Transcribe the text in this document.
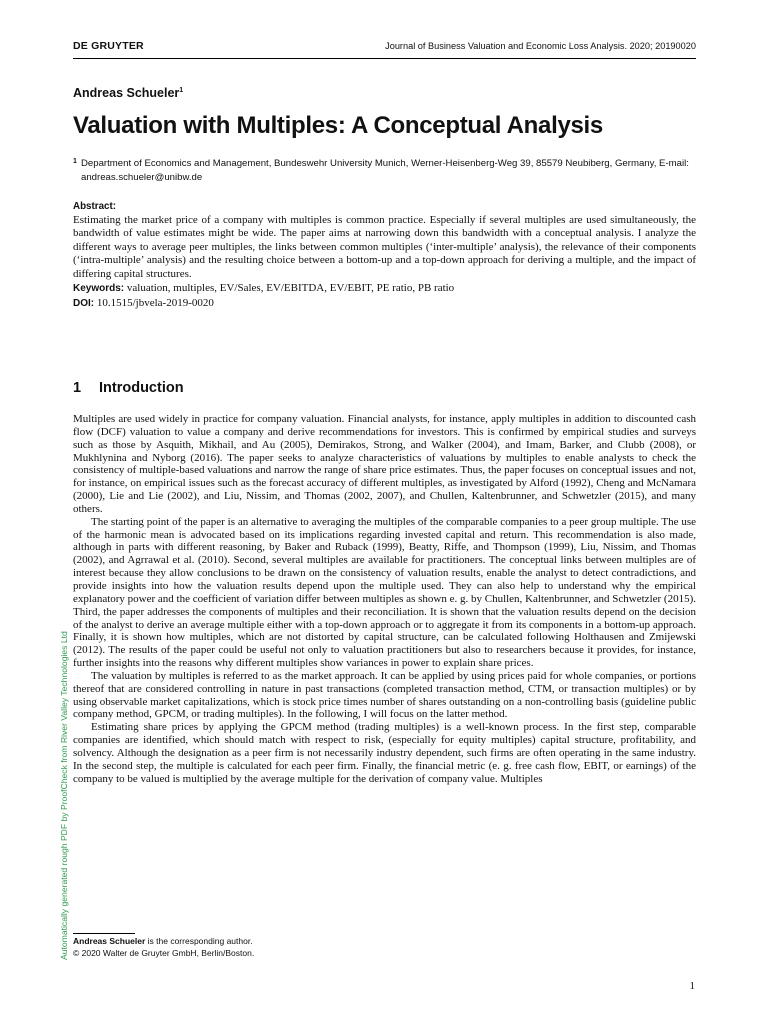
DE GRUYTER	Journal of Business Valuation and Economic Loss Analysis. 2020; 20190020
Andreas Schueler$^1$
Valuation with Multiples: A Conceptual Analysis
1 Department of Economics and Management, Bundeswehr University Munich, Werner-Heisenberg-Weg 39, 85579 Neubiberg, Germany, E-mail: andreas.schueler@unibw.de
Abstract:
Estimating the market price of a company with multiples is common practice. Especially if several multiples are used simultaneously, the bandwidth of value estimates might be wide. The paper aims at narrowing down this bandwidth with a conceptual analysis. I analyze the different ways to average peer multiples, the links between common multiples (‘inter-multiple’ analysis), the relevance of their components (‘intra-multiple’ analysis) and the resulting choice between a bottom-up and a top-down approach for deriving a multiple, and the impact of differing capital structures.
Keywords: valuation, multiples, EV/Sales, EV/EBITDA, EV/EBIT, PE ratio, PB ratio
DOI: 10.1515/jbvela-2019-0020
1 Introduction

Multiples are used widely in practice for company valuation. Financial analysts, for instance, apply multiples in addition to discounted cash flow (DCF) valuation to value a company and derive recommendations for investors. This is confirmed by empirical studies and surveys such as those by Asquith, Mikhail, and Au (2005), Demirakos, Strong, and Walker (2004), and Imam, Barker, and Clubb (2008), or Mukhlynina and Nyborg (2016). The paper seeks to analyze characteristics of valuations by multiples to enable analysts to check the consistency of multiple-based valuations and narrow the range of share price estimates. Thus, the paper focuses on conceptual issues and not, for instance, on empirical issues such as the forecast accuracy of different multiples, as investigated by Alford (1992), Cheng and McNamara (2000), Lie and Lie (2002), and Liu, Nissim, and Thomas (2002, 2007), and Chullen, Kaltenbrunner, and Schwetzler (2015), and many others.

The starting point of the paper is an alternative to averaging the multiples of the comparable companies to a peer group multiple. The use of the harmonic mean is advocated based on its implications regarding invested capital and return. This recommendation is also made, although in parts with different reasoning, by Baker and Ruback (1999), Beatty, Riffe, and Thompson (1999), Liu, Nissim, and Thomas (2002), and Agrrawal et al. (2010). Second, several multiples are available for practitioners. The conceptual links between multiples are of interest because they allow conclusions to be drawn on the consistency of valuation results, enable the analyst to detect contradictions, and provide insights into how the valuation results depend upon the multiple used. They can also help to understand why the empirical explanatory power and the coefficient of variation differ between multiples as shown e. g. by Chullen, Kaltenbrunner, and Schwetzler (2015). Third, the paper addresses the components of multiples and their reconciliation. It is shown that the valuation results depend on the decision of the analyst to derive an average multiple either with a top-down approach or to aggregate it from its components in a bottom-up approach. Finally, it is shown how multiples, which are not distorted by capital structure, can be calculated following Holthausen and Zmijewski (2012). The results of the paper could be useful not only to valuation practitioners but also to researchers because it provides, for instance, further insights into the reasons why different multiples show variances in power to explain share prices.

The valuation by multiples is referred to as the market approach. It can be applied by using prices paid for whole companies, or portions thereof that are considered controlling in nature in past transactions (completed transaction method, CTM, or transaction multiples) or by using observable market capitalizations, which is stock price times number of shares outstanding on a non-controlling basis (guideline public company method, GPCM, or trading multiples). In the following, I will focus on the latter method.

Estimating share prices by applying the GPCM method (trading multiples) is a well-known process. In the first step, comparable companies are identified, which should match with respect to risk, (especially for equity multiples) capital structure, profitability, and solvency. Although the designation as a peer firm is not necessarily industry dependent, such firms are often operating in the same industry. In the second step, the multiple is calculated for each peer firm. Finally, the financial metric (e. g. free cash flow, EBIT, or earnings) of the company to be valued is multiplied by the average multiple for the derivation of company value. Multiples

Andreas Schueler is the corresponding author.
© 2020 Walter de Gruyter GmbH, Berlin/Boston.
Automatically generated rough PDF by ProofCheck from River Valley Technologies Ltd
1
